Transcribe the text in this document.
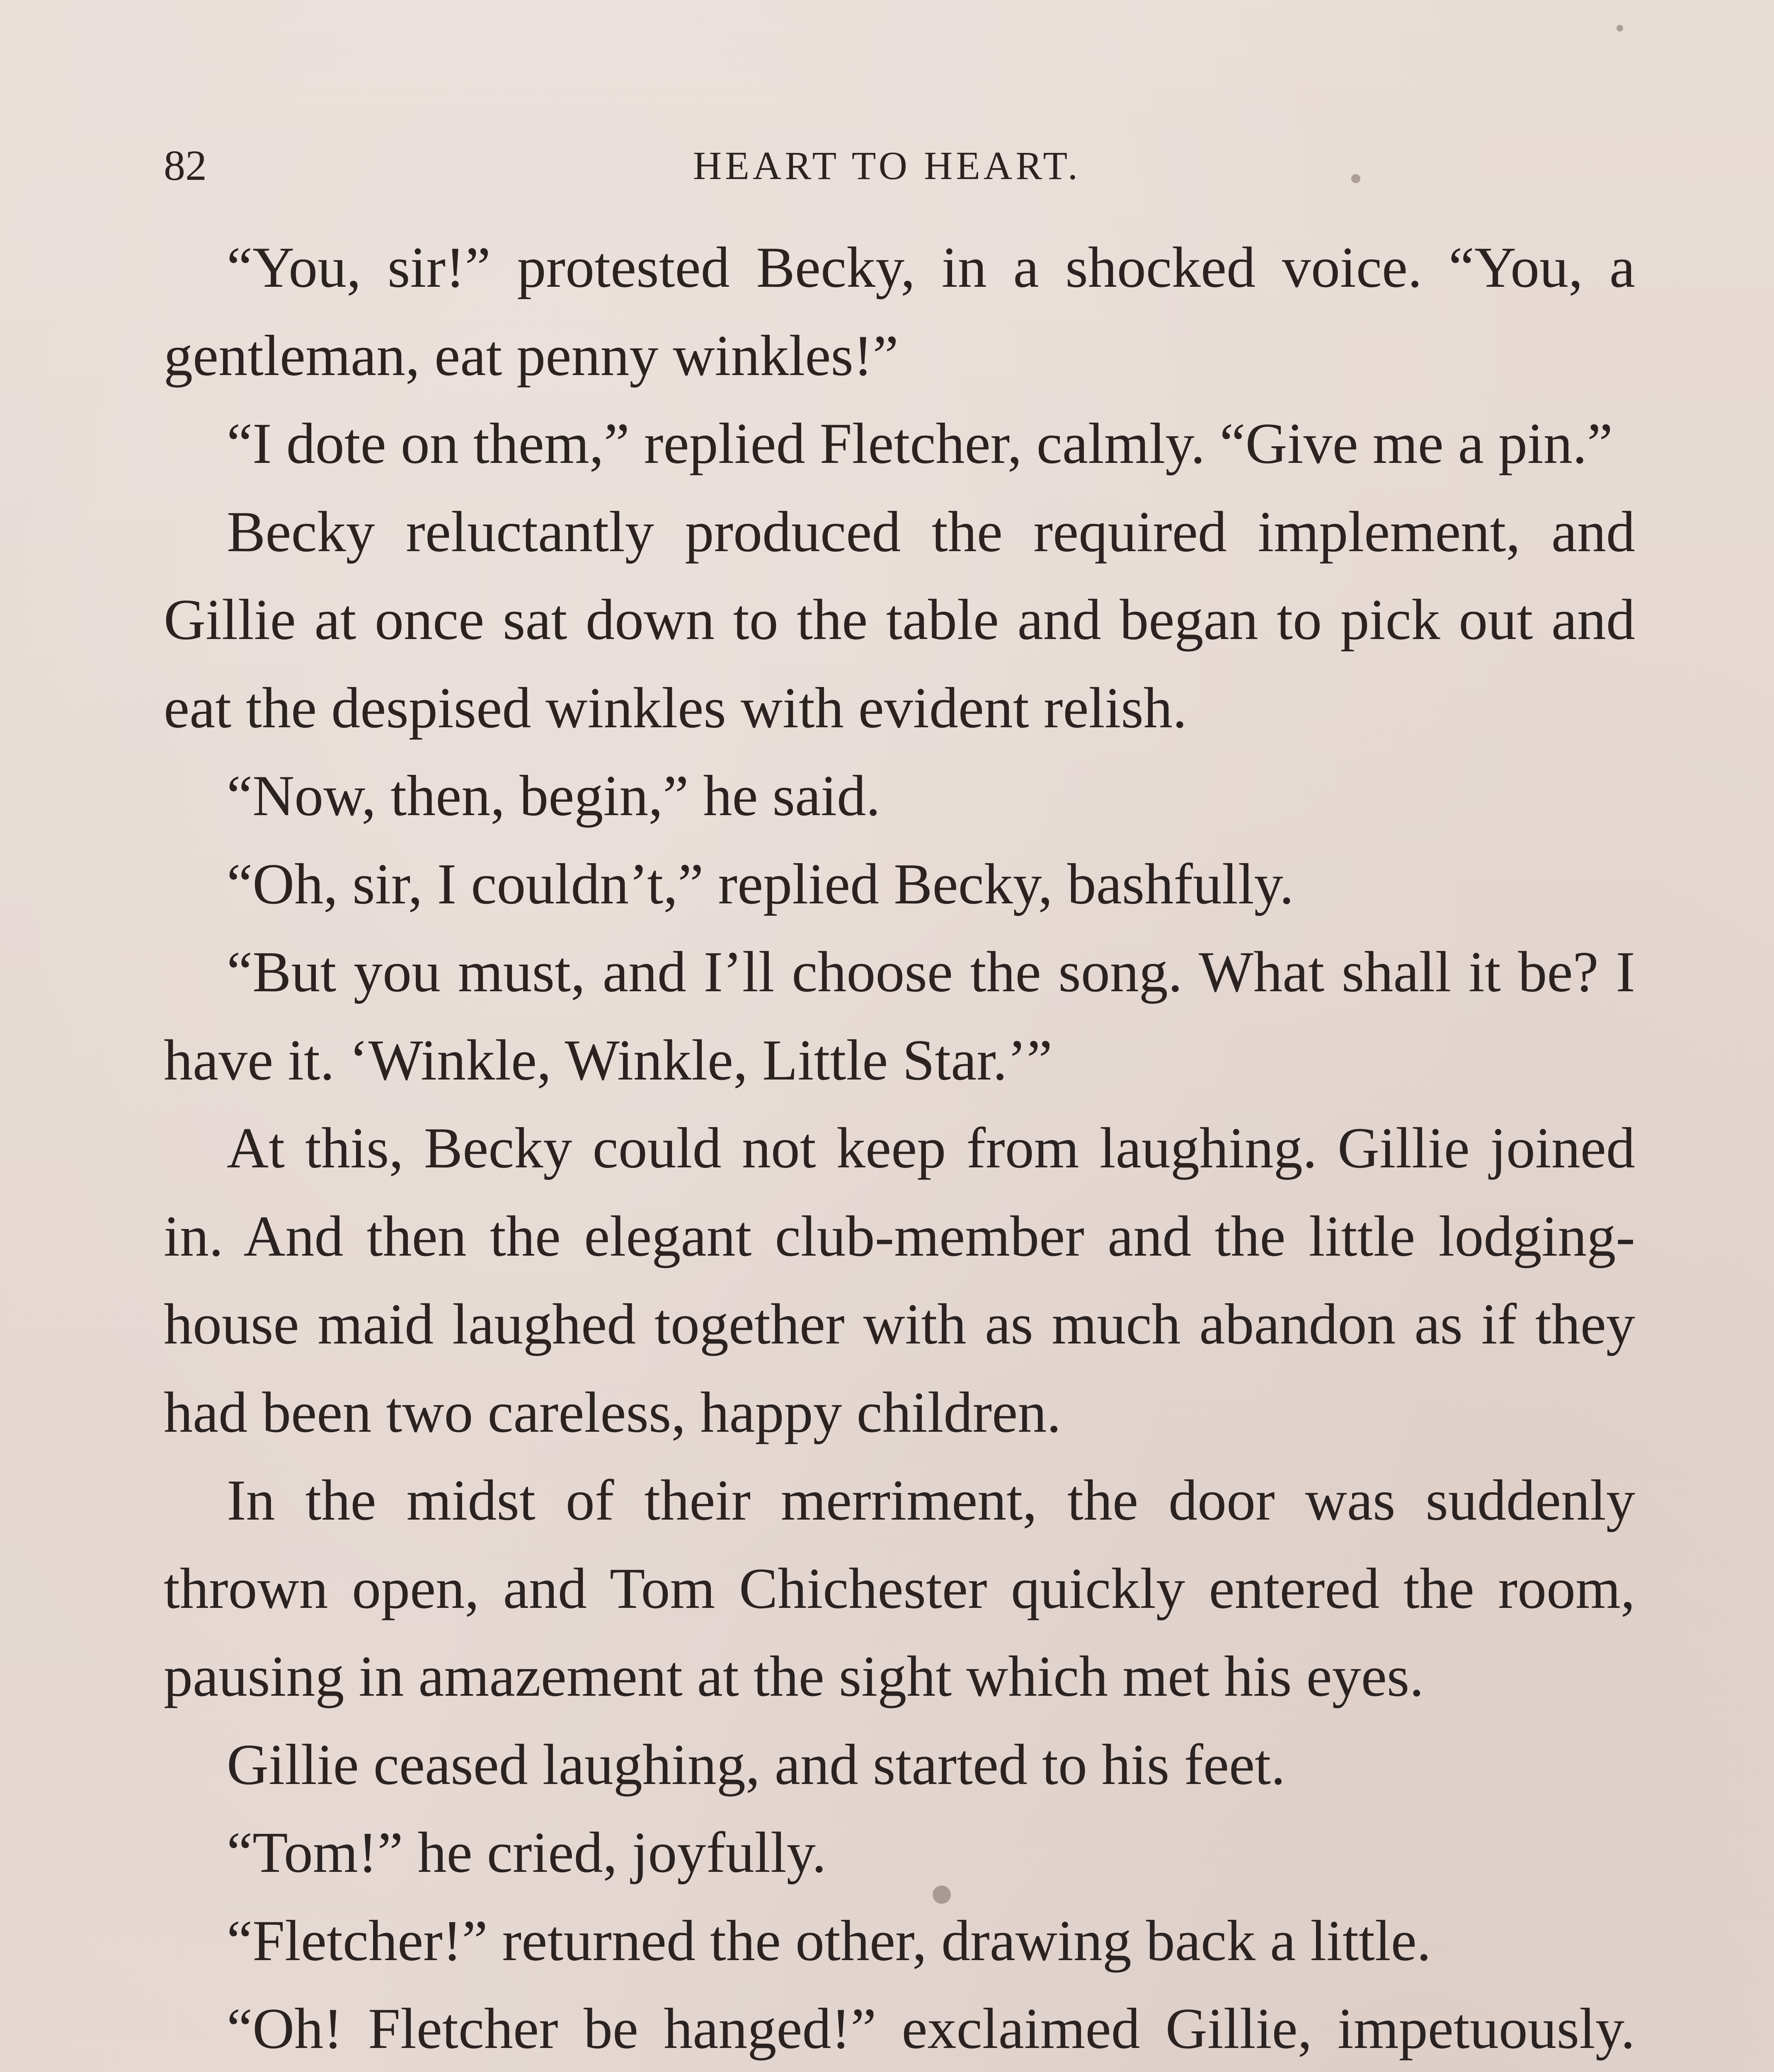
82	HEART TO HEART.

“You, sir!” protested Becky, in a shocked voice. “You, a gentleman, eat penny winkles!”

“I dote on them,” replied Fletcher, calmly. “Give me a pin.”

Becky reluctantly produced the required implement, and Gillie at once sat down to the table and began to pick out and eat the despised winkles with evident relish.

“Now, then, begin,” he said.

“Oh, sir, I couldn’t,” replied Becky, bashfully.

“But you must, and I’ll choose the song. What shall it be? I have it. ‘Winkle, Winkle, Little Star.’”

At this, Becky could not keep from laughing. Gillie joined in. And then the elegant club-member and the little lodging-house maid laughed together with as much abandon as if they had been two careless, happy children.

In the midst of their merriment, the door was suddenly thrown open, and Tom Chichester quickly entered the room, pausing in amazement at the sight which met his eyes.

Gillie ceased laughing, and started to his feet.

“Tom!” he cried, joyfully.

“Fletcher!” returned the other, drawing back a little.

“Oh! Fletcher be hanged!” exclaimed Gillie, impetuously.
